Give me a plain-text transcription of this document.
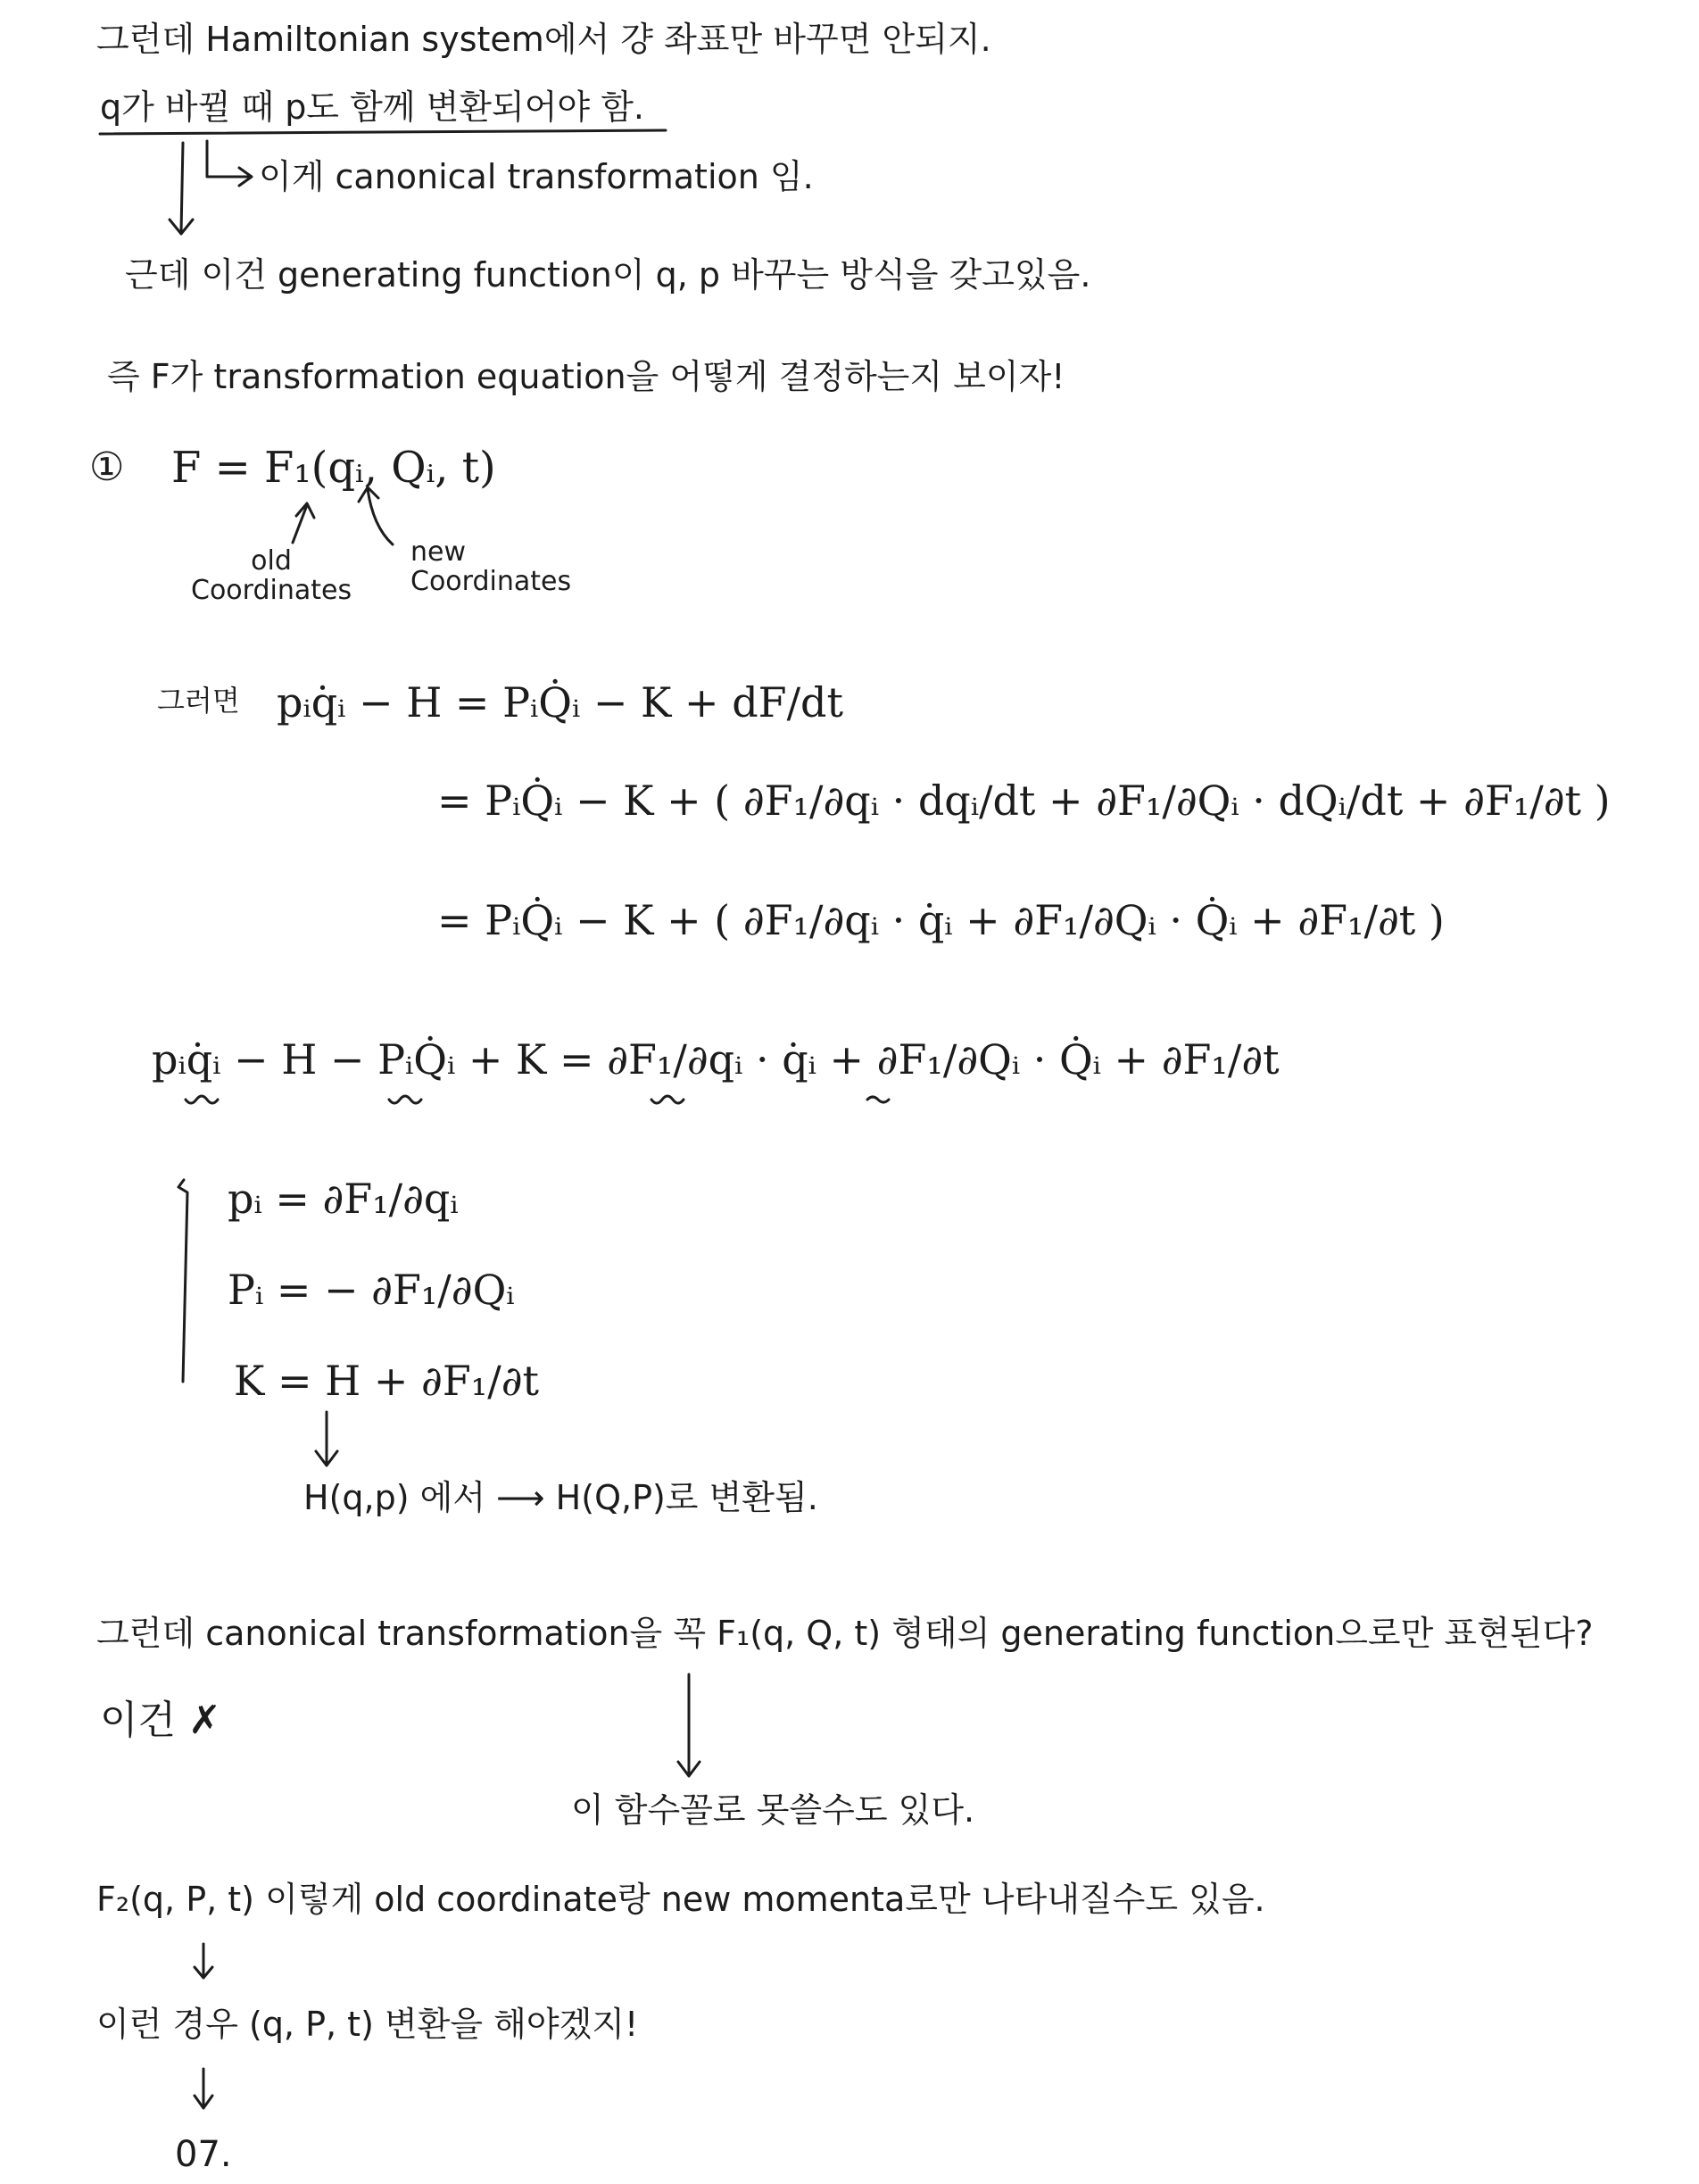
그런데 Hamiltonian system에서 걍 좌표만 바꾸면 안되지.
q가 바뀔 때 p도 함께 변환되어야 함.
이게 canonical transformation 임.
근데 이건 generating function이 q, p 바꾸는 방식을 갖고있음.
즉 F가 transformation equation을 어떻게 결정하는지 보이자!
① F = F₁(qᵢ, Qᵢ, t)
old
Coordinates
new
Coordinates
그러면 pᵢq̇ᵢ − H = PᵢQ̇ᵢ − K + dF/dt
= PᵢQ̇ᵢ − K + ( ∂F₁/∂qᵢ · dqᵢ/dt + ∂F₁/∂Qᵢ · dQᵢ/dt + ∂F₁/∂t )
= PᵢQ̇ᵢ − K + ( ∂F₁/∂qᵢ · q̇ᵢ + ∂F₁/∂Qᵢ · Q̇ᵢ + ∂F₁/∂t )
pᵢq̇ᵢ − H − PᵢQ̇ᵢ + K = ∂F₁/∂qᵢ · q̇ᵢ + ∂F₁/∂Qᵢ · Q̇ᵢ + ∂F₁/∂t
pᵢ = ∂F₁/∂qᵢ
Pᵢ = − ∂F₁/∂Qᵢ
K = H + ∂F₁/∂t
H(q,p) 에서 ⟶ H(Q,P)로 변환됨.
그런데 canonical transformation을 꼭 F₁(q, Q, t) 형태의 generating function으로만 표현된다?
이건 ✗
이 함수꼴로 못쓸수도 있다.
F₂(q, P, t) 이렇게 old coordinate랑 new momenta로만 나타내질수도 있음.
이런 경우 (q, P, t) 변환을 해야겠지!
07.
